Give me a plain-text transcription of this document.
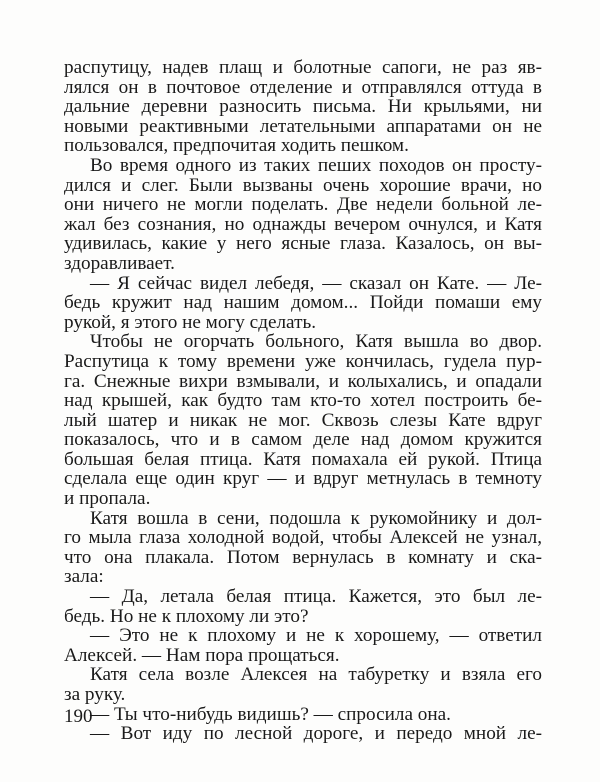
распутицу, надев плащ и болотные сапоги, не раз яв-
лялся он в почтовое отделение и отправлялся оттуда в
дальние деревни разносить письма. Ни крыльями, ни
новыми реактивными летательными аппаратами он не
пользовался, предпочитая ходить пешком.
Во время одного из таких пеших походов он просту-
дился и слег. Были вызваны очень хорошие врачи, но
они ничего не могли поделать. Две недели больной ле-
жал без сознания, но однажды вечером очнулся, и Катя
удивилась, какие у него ясные глаза. Казалось, он вы-
здоравливает.
— Я сейчас видел лебедя, — сказал он Кате. — Ле-
бедь кружит над нашим домом... Пойди помаши ему
рукой, я этого не могу сделать.
Чтобы не огорчать больного, Катя вышла во двор.
Распутица к тому времени уже кончилась, гудела пур-
га. Снежные вихри взмывали, и колыхались, и опадали
над крышей, как будто там кто-то хотел построить бе-
лый шатер и никак не мог. Сквозь слезы Кате вдруг
показалось, что и в самом деле над домом кружится
большая белая птица. Катя помахала ей рукой. Птица
сделала еще один круг — и вдруг метнулась в темноту
и пропала.
Катя вошла в сени, подошла к рукомойнику и дол-
го мыла глаза холодной водой, чтобы Алексей не узнал,
что она плакала. Потом вернулась в комнату и ска-
зала:
— Да, летала белая птица. Кажется, это был ле-
бедь. Но не к плохому ли это?
— Это не к плохому и не к хорошему, — ответил
Алексей. — Нам пора прощаться.
Катя села возле Алексея на табуретку и взяла его
за руку.
— Ты что-нибудь видишь? — спросила она.
— Вот иду по лесной дороге, и передо мной ле-
190
